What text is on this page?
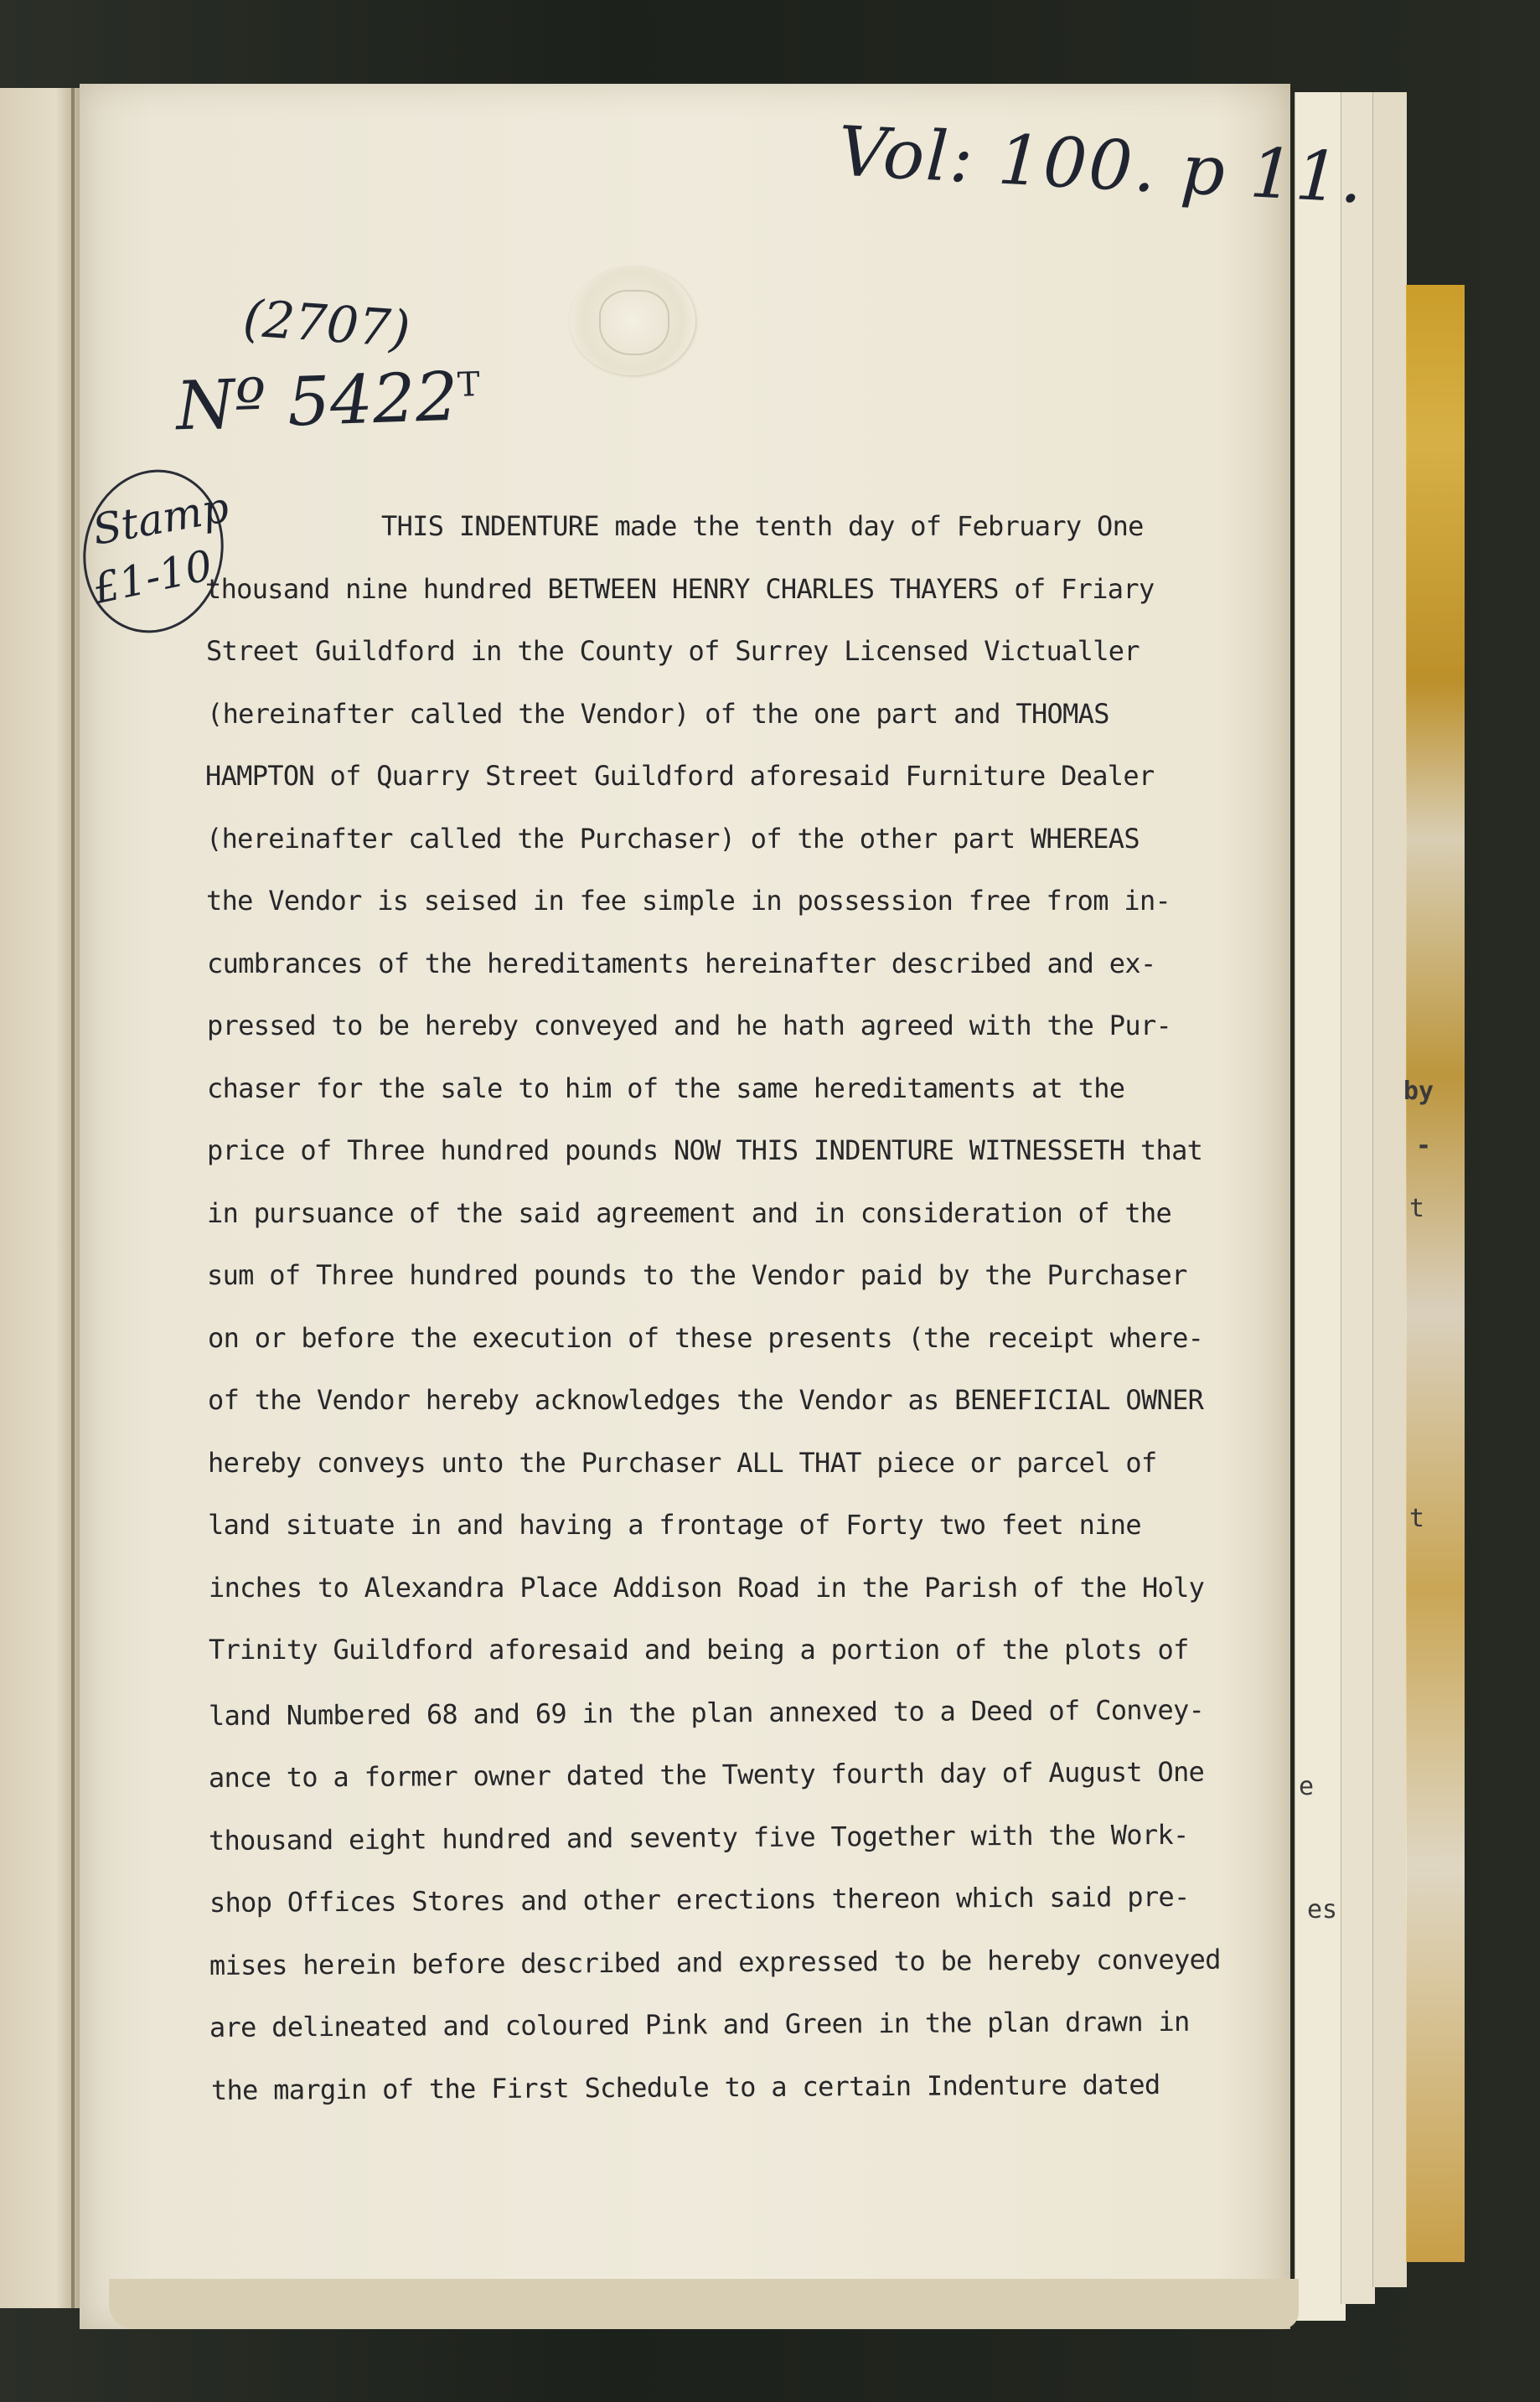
by
-
t
t
e
es
Vol: 100. p 11.
(2707)
Nº $5422^T$
Stamp
£1-10
THIS INDENTURE made the tenth day of February One
thousand nine hundred BETWEEN HENRY CHARLES THAYERS of Friary
Street Guildford in the County of Surrey Licensed Victualler
(hereinafter called the Vendor) of the one part and THOMAS
HAMPTON of Quarry Street Guildford aforesaid Furniture Dealer
(hereinafter called the Purchaser) of the other part WHEREAS
the Vendor is seised in fee simple in possession free from in-
cumbrances of the hereditaments hereinafter described and ex-
pressed to be hereby conveyed and he hath agreed with the Pur-
chaser for the sale to him of the same hereditaments at the
price of Three hundred pounds NOW THIS INDENTURE WITNESSETH that
in pursuance of the said agreement and in consideration of the
sum of Three hundred pounds to the Vendor paid by the Purchaser
on or before the execution of these presents (the receipt where-
of the Vendor hereby acknowledges the Vendor as BENEFICIAL OWNER
hereby conveys unto the Purchaser ALL THAT piece or parcel of
land situate in and having a frontage of Forty two feet nine
inches to Alexandra Place Addison Road in the Parish of the Holy
Trinity Guildford aforesaid and being a portion of the plots of
land Numbered 68 and 69 in the plan annexed to a Deed of Convey-
ance to a former owner dated the Twenty fourth day of August One
thousand eight hundred and seventy five Together with the Work-
shop Offices Stores and other erections thereon which said pre-
mises herein before described and expressed to be hereby conveyed
are delineated and coloured Pink and Green in the plan drawn in
the margin of the First Schedule to a certain Indenture dated
